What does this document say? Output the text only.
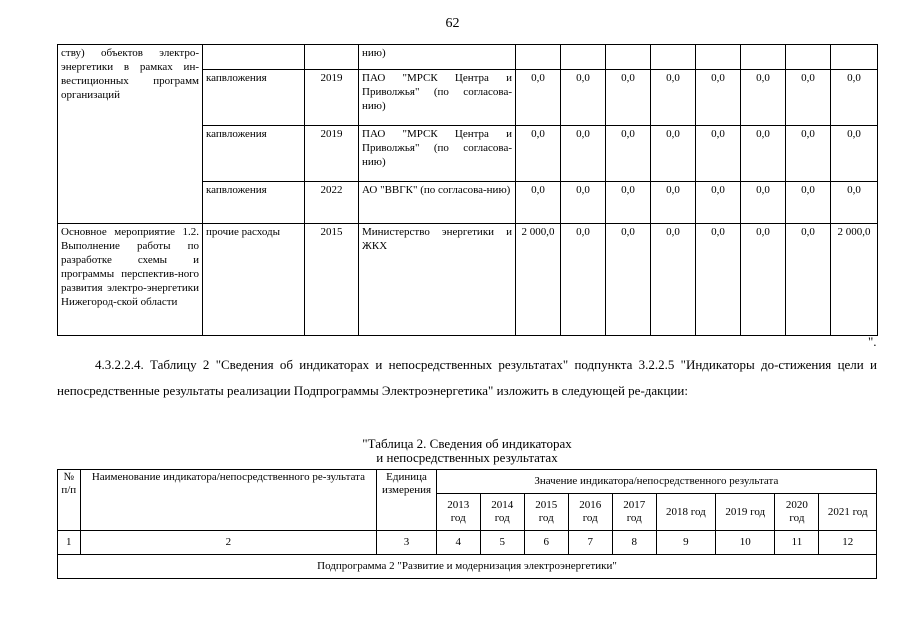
62
ству) объектов электро-энергетики в рамках ин-вестиционных программ организаций			нию)								
	капвложения	2019	ПАО "МРСК Центра и Приволжья" (по согласова-нию)	0,0	0,0	0,0	0,0	0,0	0,0	0,0	0,0
	капвложения	2019	ПАО "МРСК Центра и Приволжья" (по согласова-нию)	0,0	0,0	0,0	0,0	0,0	0,0	0,0	0,0
	капвложения	2022	АО "ВВГК" (по согласова-нию)	0,0	0,0	0,0	0,0	0,0	0,0	0,0	0,0
Основное мероприятие 1.2. Выполнение работы по разработке схемы и программы перспектив-ного развития электро-энергетики Нижегород-ской области	прочие расходы	2015	Министерство энергетики и ЖКХ	2 000,0	0,0	0,0	0,0	0,0	0,0	0,0	2 000,0
".
4.3.2.2.4. Таблицу 2 "Сведения об индикаторах и непосредственных результатах" подпункта 3.2.2.5 "Индикаторы до-стижения цели и непосредственные результаты реализации Подпрограммы Электроэнергетика" изложить в следующей ре-дакции:
"Таблица 2. Сведения об индикаторах
и непосредственных результатах
№ п/п	Наименование индикатора/непосредственного ре-зультата	Единица измерения	Значение индикатора/непосредственного результата								
			2013 год	2014 год	2015 год	2016 год	2017 год	2018 год	2019 год	2020 год	2021 год
1	2	3	4	5	6	7	8	9	10	11	12
Подпрограмма 2 "Развитие и модернизация электроэнергетики"											
